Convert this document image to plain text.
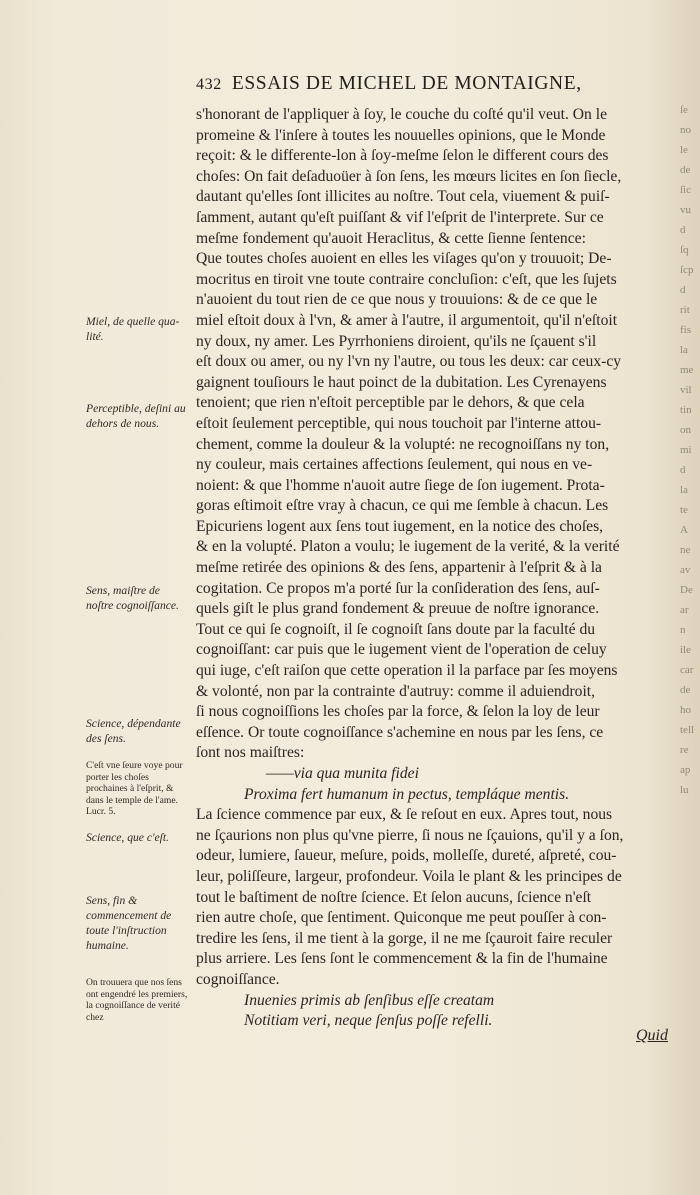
ſe
no
le
de
ſic
vu
d
ſq
ſcp
d
rit
fis
la
me
vil
tin
on
mi
d
la
te
A
ne
av
De
ar
n
ile
car
de
ho
tell
re
ap
lu
432 ESSAIS DE MICHEL DE MONTAIGNE,
s'honorant de l'appliquer à ſoy, le couche du coſté qu'il veut. On le
promeine & l'inſere à toutes les nouuelles opinions, que le Monde
reçoit: & le differente-lon à ſoy-meſme ſelon le different cours des
choſes: On fait deſaduoüer à ſon ſens, les mœurs licites en ſon ſiecle,
dautant qu'elles ſont illicites au noſtre. Tout cela, viuement & puiſ-
ſamment, autant qu'eſt puiſſant & vif l'eſprit de l'interprete. Sur ce
meſme fondement qu'auoit Heraclitus, & cette ſienne ſentence:
Que toutes choſes auoient en elles les viſages qu'on y trouuoit; De-
mocritus en tiroit vne toute contraire concluſion: c'eſt, que les ſujets
n'auoient du tout rien de ce que nous y trouuions: & de ce que le
miel eſtoit doux à l'vn, & amer à l'autre, il argumentoit, qu'il n'eſtoit
ny doux, ny amer. Les Pyrrhoniens diroient, qu'ils ne ſçauent s'il
eſt doux ou amer, ou ny l'vn ny l'autre, ou tous les deux: car ceux-cy
gaignent touſiours le haut poinct de la dubitation. Les Cyrenayens
tenoient; que rien n'eſtoit perceptible par le dehors, & que cela
eſtoit ſeulement perceptible, qui nous touchoit par l'interne attou-
chement, comme la douleur & la volupté: ne recognoiſſans ny ton,
ny couleur, mais certaines affections ſeulement, qui nous en ve-
noient: & que l'homme n'auoit autre ſiege de ſon iugement. Prota-
goras eſtimoit eſtre vray à chacun, ce qui me ſemble à chacun. Les
Epicuriens logent aux ſens tout iugement, en la notice des choſes,
& en la volupté. Platon a voulu; le iugement de la verité, & la verité
meſme retirée des opinions & des ſens, appartenir à l'eſprit & à la
cogitation. Ce propos m'a porté ſur la conſideration des ſens, auſ-
quels giſt le plus grand fondement & preuue de noſtre ignorance.
Tout ce qui ſe cognoiſt, il ſe cognoiſt ſans doute par la faculté du
cognoiſſant: car puis que le iugement vient de l'operation de celuy
qui iuge, c'eſt raiſon que cette operation il la parface par ſes moyens
& volonté, non par la contrainte d'autruy: comme il aduiendroit,
ſi nous cognoiſſions les choſes par la force, & ſelon la loy de leur
eſſence. Or toute cognoiſſance s'achemine en nous par les ſens, ce
ſont nos maiſtres:
——via qua munita fidei
Proxima fert humanum in pectus, templáque mentis.
La ſcience commence par eux, & ſe reſout en eux. Apres tout, nous
ne ſçaurions non plus qu'vne pierre, ſi nous ne ſçauions, qu'il y a ſon,
odeur, lumiere, ſaueur, meſure, poids, molleſſe, dureté, aſpreté, cou-
leur, poliſſeure, largeur, profondeur. Voila le plant & les principes de
tout le baſtiment de noſtre ſcience. Et ſelon aucuns, ſcience n'eſt
rien autre choſe, que ſentiment. Quiconque me peut pouſſer à con-
tredire les ſens, il me tient à la gorge, il ne me ſçauroit faire reculer
plus arriere. Les ſens ſont le commencement & la fin de l'humaine
cognoiſſance.
Inuenies primis ab ſenſibus eſſe creatam
Notitiam veri, neque ſenſus poſſe refelli.
Quid
Miel, de quelle qua-lité.
Perceptible, deſini au dehors de nous.
Sens, maiſtre de noſtre cognoiſſance.
Science, dépendante des ſens.
C'eſt vne ſeure voye pour porter les choſes prochaines à l'eſprit, & dans le temple de l'ame. Lucr. 5.
Science, que c'eſt.
Sens, fin & commencement de toute l'inſtruction humaine.
On trouuera que nos ſens ont engendré les premiers, la cognoiſſance de verité chez
